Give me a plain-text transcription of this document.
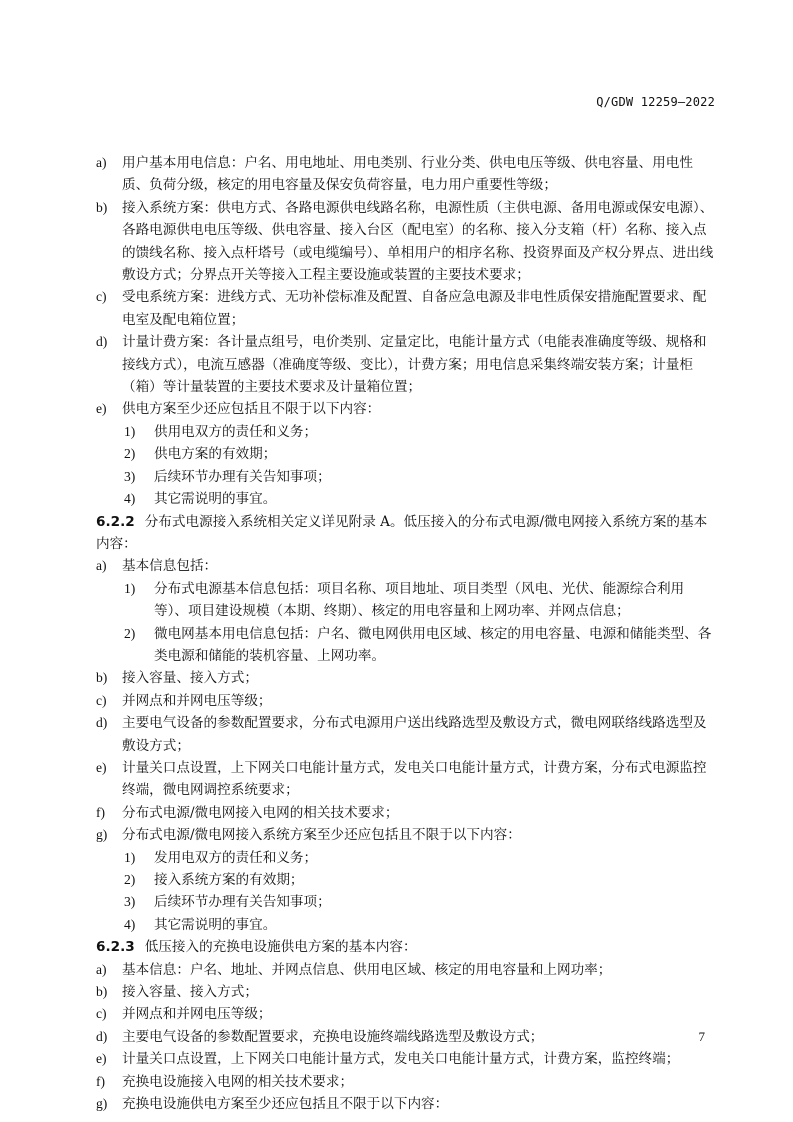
Q/GDW 12259—2022
a) 用户基本用电信息：户名、用电地址、用电类别、行业分类、供电电压等级、供电容量、用电性质、负荷分级，核定的用电容量及保安负荷容量，电力用户重要性等级；
b) 接入系统方案：供电方式、各路电源供电线路名称，电源性质（主供电源、备用电源或保安电源）、各路电源供电电压等级、供电容量、接入台区（配电室）的名称、接入分支箱（杆）名称、接入点的馈线名称、接入点杆塔号（或电缆编号）、单相用户的相序名称、投资界面及产权分界点、进出线敷设方式；分界点开关等接入工程主要设施或装置的主要技术要求；
c) 受电系统方案：进线方式、无功补偿标准及配置、自备应急电源及非电性质保安措施配置要求、配电室及配电箱位置；
d) 计量计费方案：各计量点组号，电价类别、定量定比，电能计量方式（电能表准确度等级、规格和接线方式），电流互感器（准确度等级、变比），计费方案；用电信息采集终端安装方案；计量柜（箱）等计量装置的主要技术要求及计量箱位置；
e) 供电方案至少还应包括且不限于以下内容：
1) 供用电双方的责任和义务；
2) 供电方案的有效期；
3) 后续环节办理有关告知事项；
4) 其它需说明的事宜。
6.2.2 分布式电源接入系统相关定义详见附录 A。低压接入的分布式电源/微电网接入系统方案的基本内容：
a) 基本信息包括：
1) 分布式电源基本信息包括：项目名称、项目地址、项目类型（风电、光伏、能源综合利用等）、项目建设规模（本期、终期）、核定的用电容量和上网功率、并网点信息；
2) 微电网基本用电信息包括：户名、微电网供用电区域、核定的用电容量、电源和储能类型、各类电源和储能的装机容量、上网功率。
b) 接入容量、接入方式；
c) 并网点和并网电压等级；
d) 主要电气设备的参数配置要求，分布式电源用户送出线路选型及敷设方式，微电网联络线路选型及敷设方式；
e) 计量关口点设置，上下网关口电能计量方式，发电关口电能计量方式，计费方案，分布式电源监控终端，微电网调控系统要求；
f) 分布式电源/微电网接入电网的相关技术要求；
g) 分布式电源/微电网接入系统方案至少还应包括且不限于以下内容：
1) 发用电双方的责任和义务；
2) 接入系统方案的有效期；
3) 后续环节办理有关告知事项；
4) 其它需说明的事宜。
6.2.3 低压接入的充换电设施供电方案的基本内容：
a) 基本信息：户名、地址、并网点信息、供用电区域、核定的用电容量和上网功率；
b) 接入容量、接入方式；
c) 并网点和并网电压等级；
d) 主要电气设备的参数配置要求，充换电设施终端线路选型及敷设方式；
e) 计量关口点设置，上下网关口电能计量方式，发电关口电能计量方式，计费方案，监控终端；
f) 充换电设施接入电网的相关技术要求；
g) 充换电设施供电方案至少还应包括且不限于以下内容：
7
